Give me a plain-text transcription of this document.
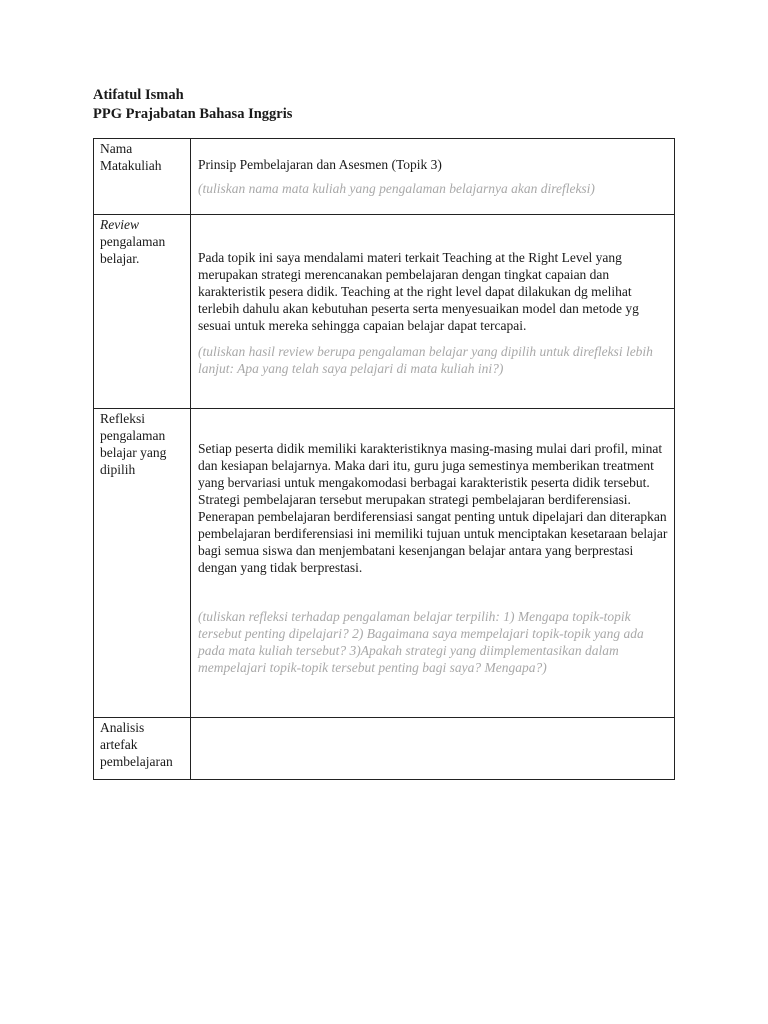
Atifatul Ismah
PPG Prajabatan Bahasa Inggris
Nama Matakuliah	Prinsip Pembelajaran dan Asesmen (Topik 3)

(tuliskan nama mata kuliah yang pengalaman belajarnya akan direfleksi)

Review pengalaman belajar.	Pada topik ini saya mendalami materi terkait Teaching at the Right Level yang merupakan strategi merencanakan pembelajaran dengan tingkat capaian dan karakteristik pesera didik. Teaching at the right level dapat dilakukan dg melihat terlebih dahulu akan kebutuhan peserta serta menyesuaikan model dan metode yg sesuai untuk mereka sehingga capaian belajar dapat tercapai.

(tuliskan hasil review berupa pengalaman belajar yang dipilih untuk direfleksi lebih lanjut: Apa yang telah saya pelajari di mata kuliah ini?)

Refleksi pengalaman belajar yang dipilih	Setiap peserta didik memiliki karakteristiknya masing-masing mulai dari profil, minat dan kesiapan belajarnya. Maka dari itu, guru juga semestinya memberikan treatment yang bervariasi untuk mengakomodasi berbagai karakteristik peserta didik tersebut. Strategi pembelajaran tersebut merupakan strategi pembelajaran berdiferensiasi. Penerapan pembelajaran berdiferensiasi sangat penting untuk dipelajari dan diterapkan pembelajaran berdiferensiasi ini memiliki tujuan untuk menciptakan kesetaraan belajar bagi semua siswa dan menjembatani kesenjangan belajar antara yang berprestasi dengan yang tidak berprestasi.

(tuliskan refleksi terhadap pengalaman belajar terpilih: 1) Mengapa topik-topik tersebut penting dipelajari? 2) Bagaimana saya mempelajari topik-topik yang ada pada mata kuliah tersebut? 3)Apakah strategi yang diimplementasikan dalam mempelajari topik-topik tersebut penting bagi saya? Mengapa?)

Analisis artefak pembelajaran	
